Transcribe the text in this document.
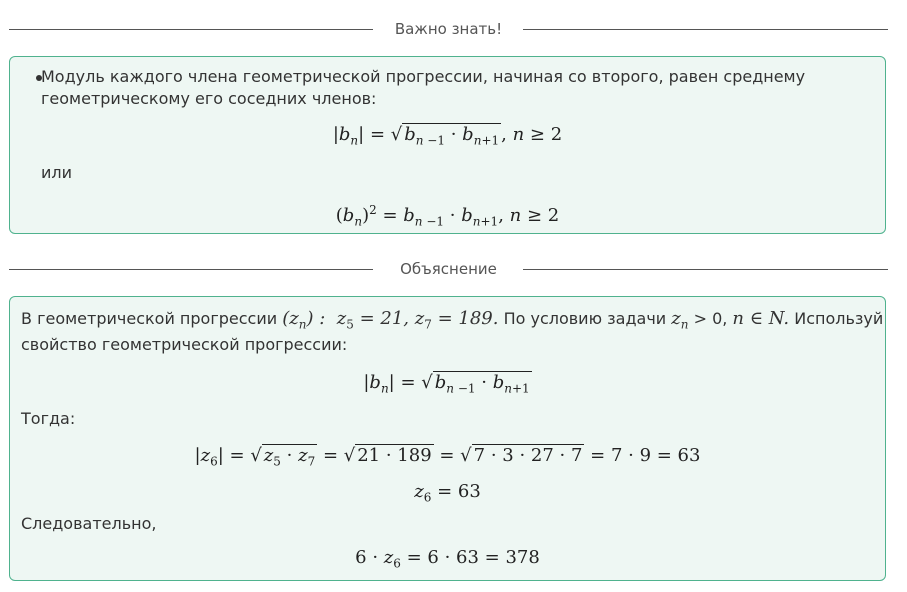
Важно знать!
Модуль каждого члена геометрической прогрессии, начиная со второго, равен среднему
геометрическому его соседних членов:
$|b_n|$ = √ $b_{n -1} \cdot b_{n+1}$ , n ≥ 2
или
$(b_n)^2 = b_{n -1} \cdot b_{n+1}$, n ≥ 2
Объяснение
В геометрической прогрессии $(z_n)$ :  $z_5 = 21$, $z_7 = 189$. По условию задачи $z_n > 0$, n ∈ N. Используй
свойство геометрической прогрессии:
$|b_n|$ = √ $b_{n -1} \cdot b_{n+1}$
Тогда:
$|z_6|$ = √ $z_5 \cdot z_7$ = √ 21 · 189 = √ 7 · 3 · 27 · 7 = 7 · 9 = 63
$z_6 = 63$
Следовательно,
$6 \cdot z_6 = 6 \cdot 63 = 378$
